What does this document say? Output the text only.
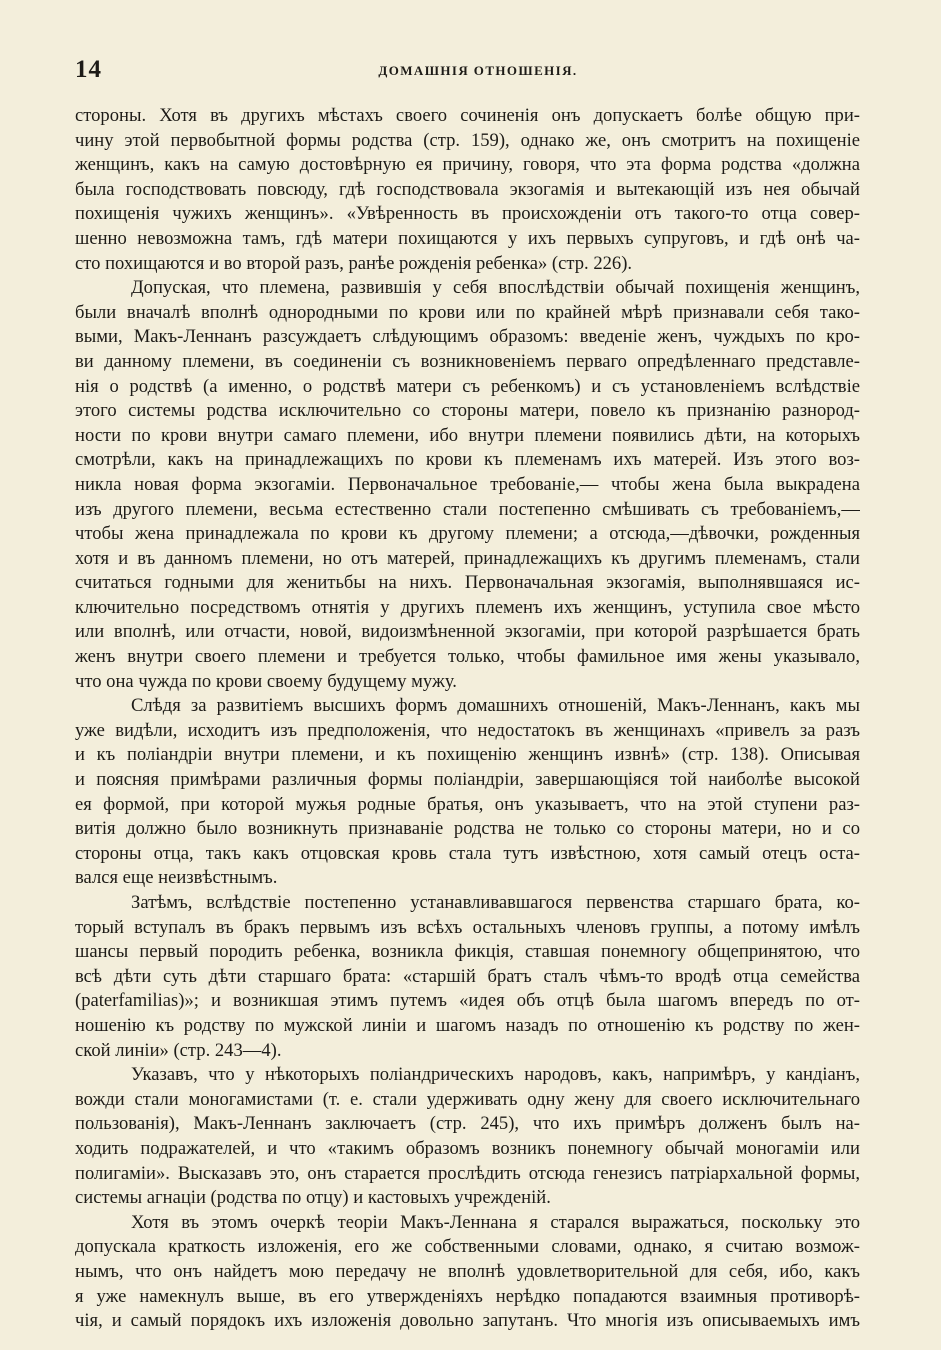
14	ДОМАШНІЯ ОТНОШЕНІЯ.

стороны. Хотя въ другихъ мѣстахъ своего сочиненія онъ допускаетъ болѣе общую при-

чину этой первобытной формы родства (стр. 159), однако же, онъ смотритъ на похищеніе

женщинъ, какъ на самую достовѣрную ея причину, говоря, что эта форма родства «должна

была господствовать повсюду, гдѣ господствовала экзогамія и вытекающій изъ нея обычай

похищенія чужихъ женщинъ». «Увѣренность въ происхожденіи отъ такого-то отца совер-

шенно невозможна тамъ, гдѣ матери похищаются у ихъ первыхъ супруговъ, и гдѣ онѣ ча-

сто похищаются и во второй разъ, ранѣе рожденія ребенка» (стр. 226).

Допуская, что племена, развившія у себя впослѣдствіи обычай похищенія женщинъ,

были вначалѣ вполнѣ однородными по крови или по крайней мѣрѣ признавали себя тако-

выми, Макъ-Леннанъ разсуждаетъ слѣдующимъ образомъ: введеніе женъ, чуждыхъ по кро-

ви данному племени, въ соединеніи съ возникновеніемъ перваго опредѣленнаго представле-

нія о родствѣ (а именно, о родствѣ матери съ ребенкомъ) и съ установленіемъ вслѣдствіе

этого системы родства исключительно со стороны матери, повело къ признанію разнород-

ности по крови внутри самаго племени, ибо внутри племени появились дѣти, на которыхъ

смотрѣли, какъ на принадлежащихъ по крови къ племенамъ ихъ матерей. Изъ этого воз-

никла новая форма экзогаміи. Первоначальное требованіе,— чтобы жена была выкрадена

изъ другого племени, весьма естественно стали постепенно смѣшивать съ требованіемъ,—

чтобы жена принадлежала по крови къ другому племени; а отсюда,—дѣвочки, рожденныя

хотя и въ данномъ племени, но отъ матерей, принадлежащихъ къ другимъ племенамъ, стали

считаться годными для женитьбы на нихъ. Первоначальная экзогамія, выполнявшаяся ис-

ключительно посредствомъ отнятія у другихъ племенъ ихъ женщинъ, уступила свое мѣсто

или вполнѣ, или отчасти, новой, видоизмѣненной экзогаміи, при которой разрѣшается брать

женъ внутри своего племени и требуется только, чтобы фамильное имя жены указывало,

что она чужда по крови своему будущему мужу.

Слѣдя за развитіемъ высшихъ формъ домашнихъ отношеній, Макъ-Леннанъ, какъ мы

уже видѣли, исходитъ изъ предположенія, что недостатокъ въ женщинахъ «привелъ за разъ

и къ поліандріи внутри племени, и къ похищенію женщинъ извнѣ» (стр. 138). Описывая

и поясняя примѣрами различныя формы поліандріи, завершающіяся той наиболѣе высокой

ея формой, при которой мужья родные братья, онъ указываетъ, что на этой ступени раз-

витія должно было возникнуть признаваніе родства не только со стороны матери, но и со

стороны отца, такъ какъ отцовская кровь стала тутъ извѣстною, хотя самый отецъ оста-

вался еще неизвѣстнымъ.

Затѣмъ, вслѣдствіе постепенно устанавливавшагося первенства старшаго брата, ко-

торый вступалъ въ бракъ первымъ изъ всѣхъ остальныхъ членовъ группы, а потому имѣлъ

шансы первый породить ребенка, возникла фикція, ставшая понемногу общепринятою, что

всѣ дѣти суть дѣти старшаго брата: «старшій братъ сталъ чѣмъ-то вродѣ отца семейства

(paterfamilias)»; и возникшая этимъ путемъ «идея объ отцѣ была шагомъ впередъ по от-

ношенію къ родству по мужской линіи и шагомъ назадъ по отношенію къ родству по жен-

ской линіи» (стр. 243—4).

Указавъ, что у нѣкоторыхъ поліандрическихъ народовъ, какъ, напримѣръ, у кандіанъ,

вожди стали моногамистами (т. е. стали удерживать одну жену для своего исключительнаго

пользованія), Макъ-Леннанъ заключаетъ (стр. 245), что ихъ примѣръ долженъ былъ на-

ходить подражателей, и что «такимъ образомъ возникъ понемногу обычай моногаміи или

полигаміи». Высказавъ это, онъ старается прослѣдить отсюда генезисъ патріархальной формы,

системы агнаціи (родства по отцу) и кастовыхъ учрежденій.

Хотя въ этомъ очеркѣ теоріи Макъ-Леннана я старался выражаться, поскольку это

допускала краткость изложенія, его же собственными словами, однако, я считаю возмож-

нымъ, что онъ найдетъ мою передачу не вполнѣ удовлетворительной для себя, ибо, какъ

я уже намекнулъ выше, въ его утвержденіяхъ нерѣдко попадаются взаимныя противорѣ-

чія, и самый порядокъ ихъ изложенія довольно запутанъ. Что многія изъ описываемыхъ имъ
